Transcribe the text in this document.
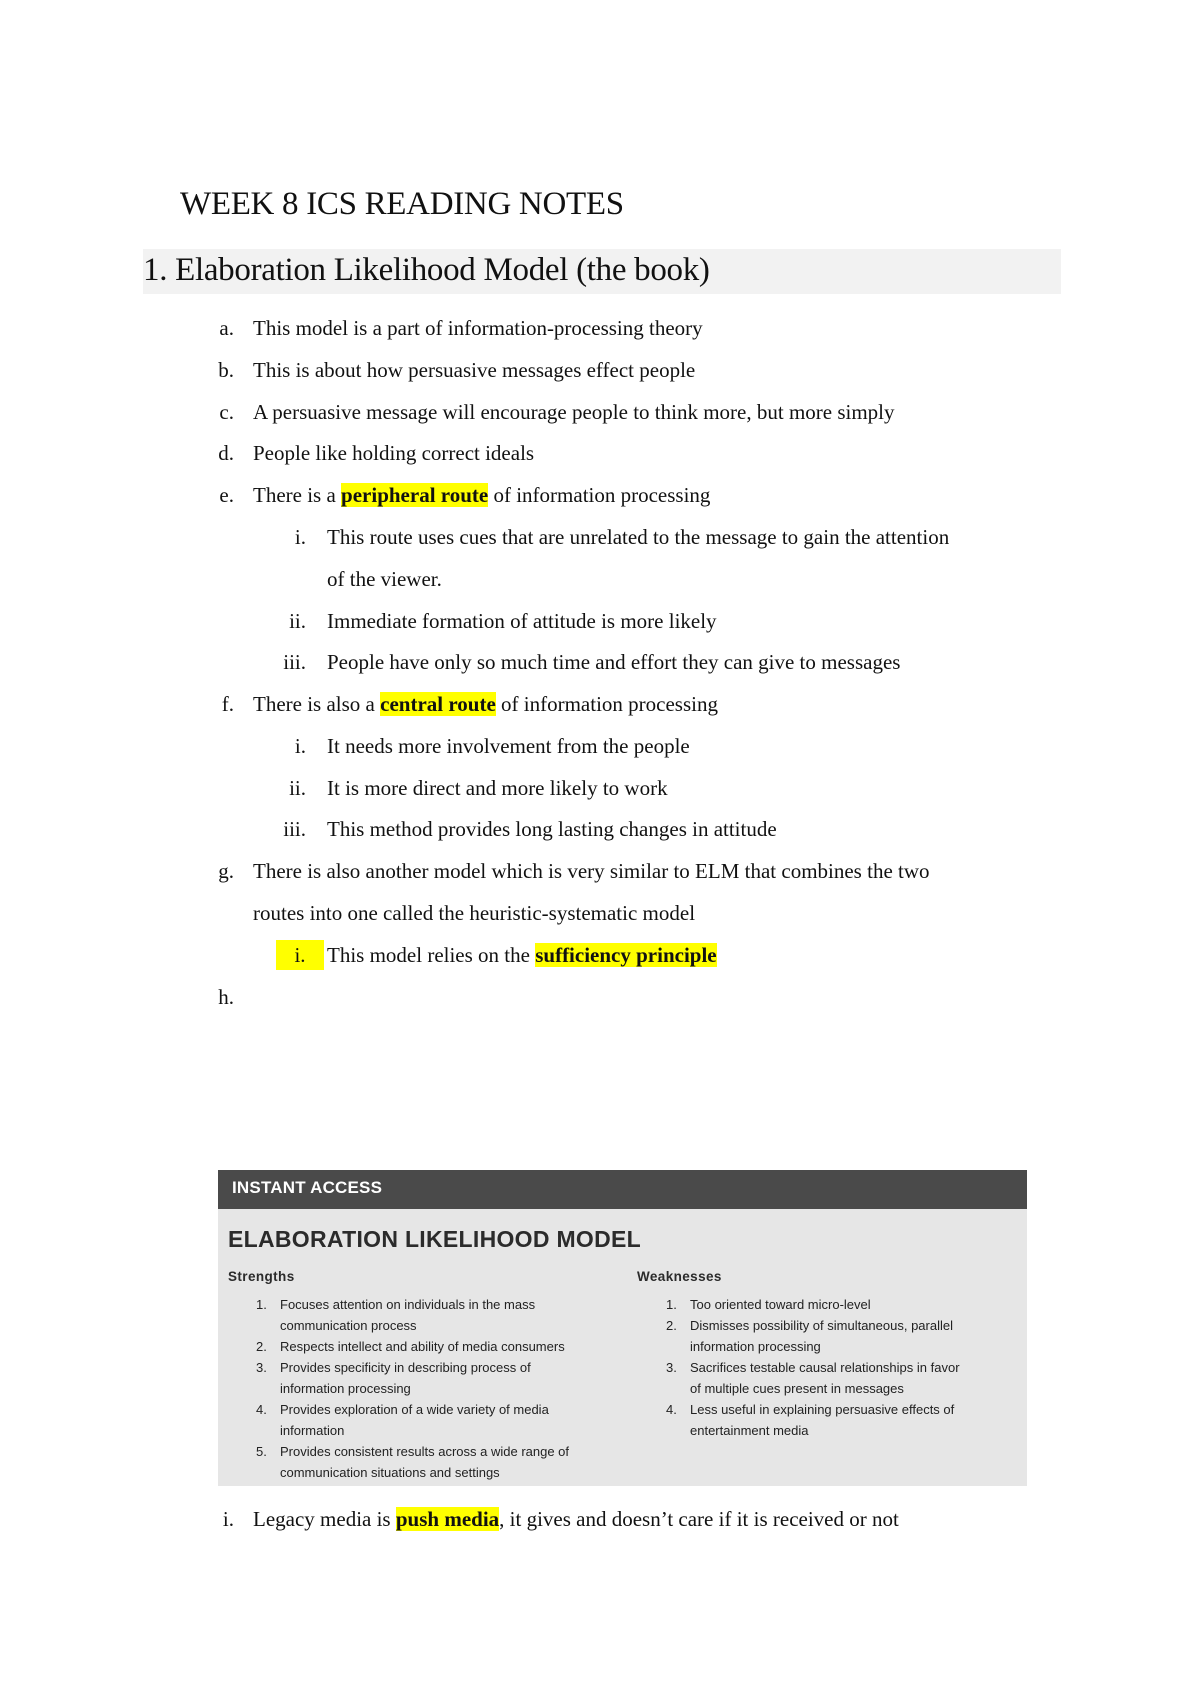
WEEK 8 ICS READING NOTES
1. Elaboration Likelihood Model (the book)
a. This model is a part of information-processing theory
b. This is about how persuasive messages effect people
c. A persuasive message will encourage people to think more, but more simply
d. People like holding correct ideals
e. There is a peripheral route of information processing
i. This route uses cues that are unrelated to the message to gain the attention
of the viewer.
ii. Immediate formation of attitude is more likely
iii. People have only so much time and effort they can give to messages
f. There is also a central route of information processing
i. It needs more involvement from the people
ii. It is more direct and more likely to work
iii. This method provides long lasting changes in attitude
g. There is also another model which is very similar to ELM that combines the two
routes into one called the heuristic-systematic model
i.	This model relies on the sufficiency principle
h.
INSTANT ACCESS
ELABORATION LIKELIHOOD MODEL
Strengths	Weaknesses
1. Focuses attention on individuals in the mass
communication process
2. Respects intellect and ability of media consumers
3. Provides specificity in describing process of
information processing
4. Provides exploration of a wide variety of media
information
5. Provides consistent results across a wide range of
communication situations and settings
1. Too oriented toward micro-level
2. Dismisses possibility of simultaneous, parallel
information processing
3. Sacrifices testable causal relationships in favor
of multiple cues present in messages
4. Less useful in explaining persuasive effects of
entertainment media
i. Legacy media is push media, it gives and doesn’t care if it is received or not
